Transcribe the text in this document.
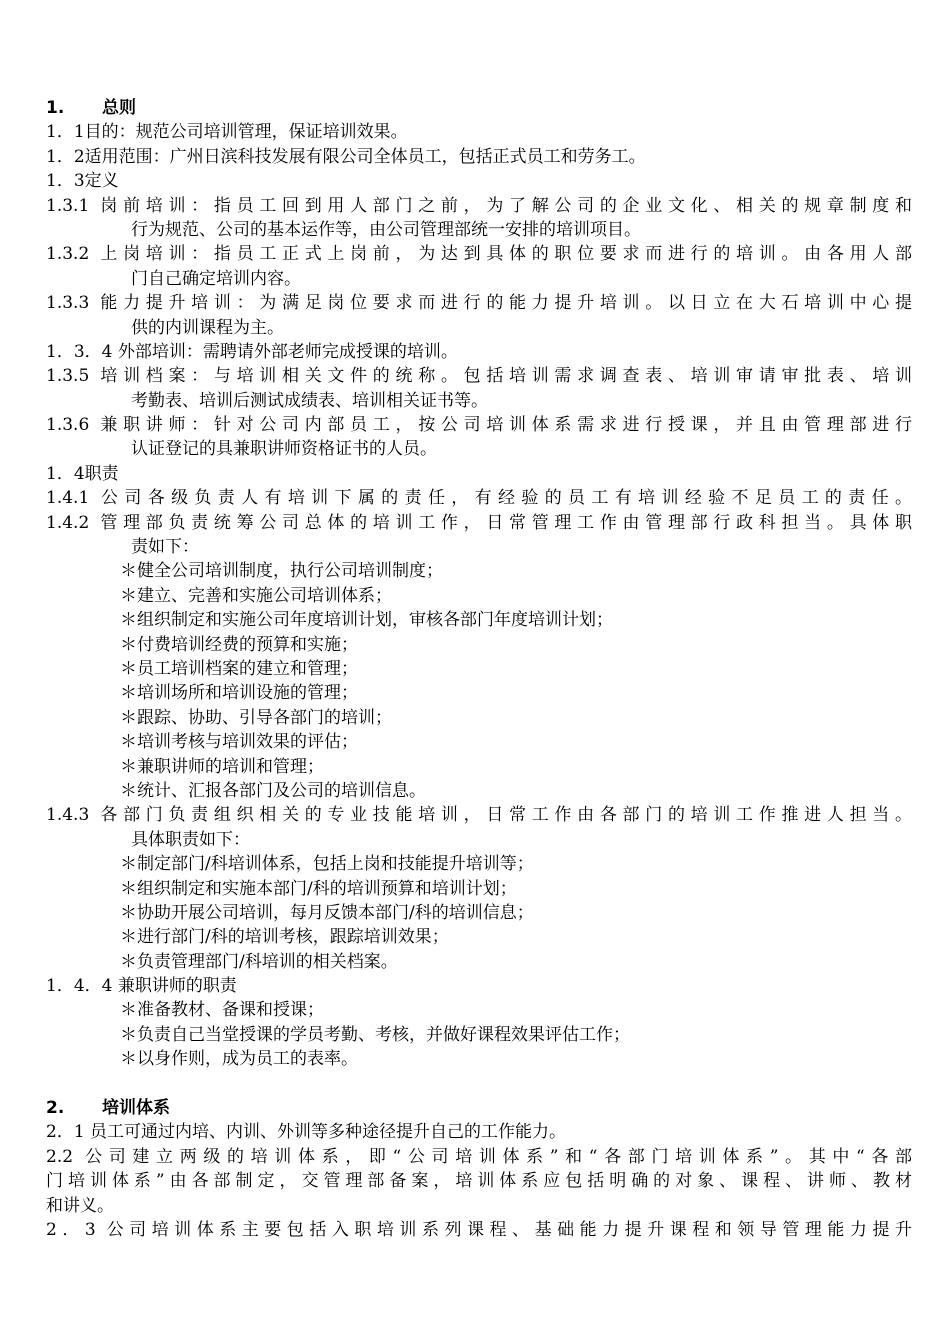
1. 总则
1．1目的：规范公司培训管理，保证培训效果。
1．2适用范围：广州日滨科技发展有限公司全体员工，包括正式员工和劳务工。
1．3定义
1.3.1 岗前培训：指员工回到用人部门之前，为了解公司的企业文化、相关的规章制度和
行为规范、公司的基本运作等，由公司管理部统一安排的培训项目。
1.3.2 上岗培训：指员工正式上岗前，为达到具体的职位要求而进行的培训。由各用人部
门自己确定培训内容。
1.3.3 能力提升培训：为满足岗位要求而进行的能力提升培训。以日立在大石培训中心提
供的内训课程为主。
1．3．4 外部培训：需聘请外部老师完成授课的培训。
1.3.5 培训档案：与培训相关文件的统称。包括培训需求调查表、培训审请审批表、培训
考勤表、培训后测试成绩表、培训相关证书等。
1.3.6 兼职讲师：针对公司内部员工，按公司培训体系需求进行授课，并且由管理部进行
认证登记的具兼职讲师资格证书的人员。
1．4职责
1.4.1 公司各级负责人有培训下属的责任，有经验的员工有培训经验不足员工的责任。
1.4.2 管理部负责统筹公司总体的培训工作，日常管理工作由管理部行政科担当。具体职
责如下：
＊健全公司培训制度，执行公司培训制度；
＊建立、完善和实施公司培训体系；
＊组织制定和实施公司年度培训计划，审核各部门年度培训计划；
＊付费培训经费的预算和实施；
＊员工培训档案的建立和管理；
＊培训场所和培训设施的管理；
＊跟踪、协助、引导各部门的培训；
＊培训考核与培训效果的评估；
＊兼职讲师的培训和管理；
＊统计、汇报各部门及公司的培训信息。
1.4.3 各部门负责组织相关的专业技能培训，日常工作由各部门的培训工作推进人担当。
具体职责如下：
＊制定部门/科培训体系，包括上岗和技能提升培训等；
＊组织制定和实施本部门/科的培训预算和培训计划；
＊协助开展公司培训，每月反馈本部门/科的培训信息；
＊进行部门/科的培训考核，跟踪培训效果；
＊负责管理部门/科培训的相关档案。
1．4．4 兼职讲师的职责
＊准备教材、备课和授课；
＊负责自己当堂授课的学员考勤、考核，并做好课程效果评估工作；
＊以身作则，成为员工的表率。
2. 培训体系
2．1 员工可通过内培、内训、外训等多种途径提升自己的工作能力。
2.2 公司建立两级的培训体系，即“公司培训体系”和“各部门培训体系”。其中“各部
门培训体系”由各部制定，交管理部备案，培训体系应包括明确的对象、课程、讲师、教材
和讲义。
2．3 公司培训体系主要包括入职培训系列课程、基础能力提升课程和领导管理能力提升
